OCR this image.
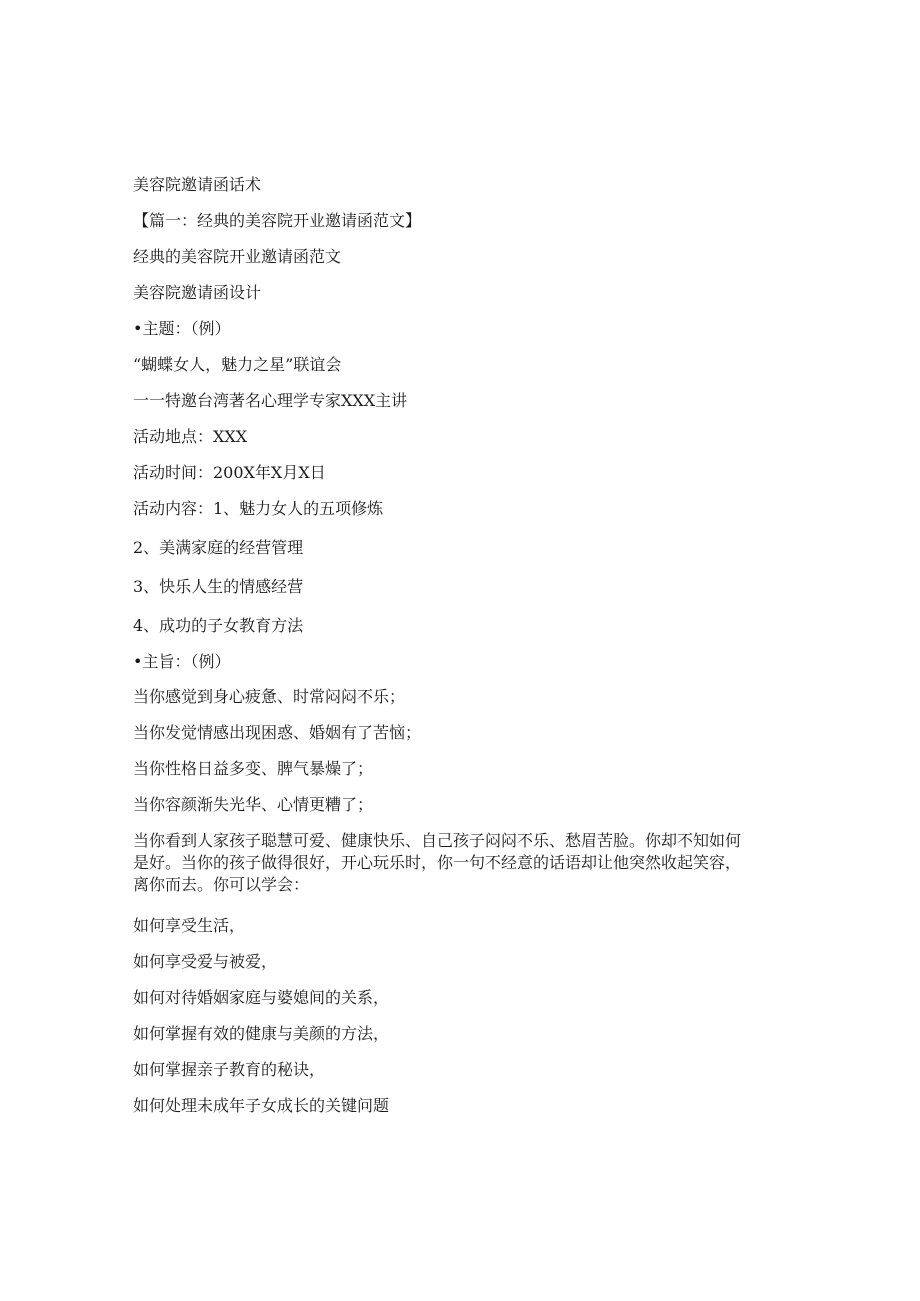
美容院邀请函话术
【篇一：经典的美容院开业邀请函范文】
经典的美容院开业邀请函范文
美容院邀请函设计
•主题：（例）
“蝴蝶女人，魅力之星”联谊会
一一特邀台湾著名心理学专家XXX主讲
活动地点：XXX
活动时间：200X年X月X日
活动内容：1、魅力女人的五项修炼
2、美满家庭的经营管理
3、快乐人生的情感经营
4、成功的子女教育方法
•主旨：（例）
当你感觉到身心疲惫、时常闷闷不乐；
当你发觉情感出现困惑、婚姻有了苦恼；
当你性格日益多变、脾气暴燥了；
当你容颜渐失光华、心情更糟了；
当你看到人家孩子聪慧可爱、健康快乐、自己孩子闷闷不乐、愁眉苦脸。你却不知如何
是好。当你的孩子做得很好，开心玩乐时，你一句不经意的话语却让他突然收起笑容，
离你而去。你可以学会：
如何享受生活，
如何享受爱与被爱，
如何对待婚姻家庭与婆媳间的关系，
如何掌握有效的健康与美颜的方法，
如何掌握亲子教育的秘诀，
如何处理未成年子女成长的关键问题
